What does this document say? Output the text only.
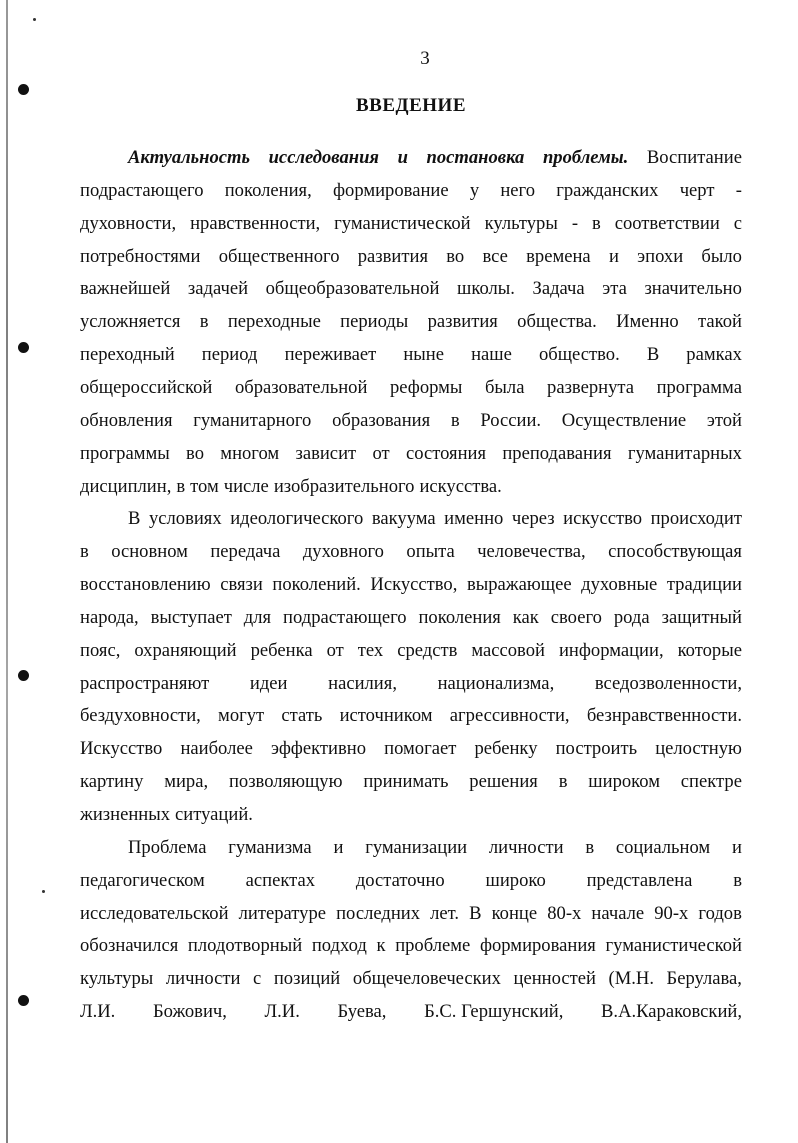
3
ВВЕДЕНИЕ
Актуальность исследования и постановка проблемы. Воспитание
подрастающего поколения, формирование у него гражданских черт -
духовности, нравственности, гуманистической культуры - в соответствии с
потребностями общественного развития во все времена и эпохи было
важнейшей задачей общеобразовательной школы. Задача эта значительно
усложняется в переходные периоды развития общества. Именно такой
переходный период переживает ныне наше общество. В рамках
общероссийской образовательной реформы была развернута программа
обновления гуманитарного образования в России. Осуществление этой
программы во многом зависит от состояния преподавания гуманитарных
дисциплин, в том числе изобразительного искусства.
В условиях идеологического вакуума именно через искусство происходит
в основном передача духовного опыта человечества, способствующая
восстановлению связи поколений. Искусство, выражающее духовные традиции
народа, выступает для подрастающего поколения как своего рода защитный
пояс, охраняющий ребенка от тех средств массовой информации, которые
распространяют идеи насилия, национализма, вседозволенности,
бездуховности, могут стать источником агрессивности, безнравственности.
Искусство наиболее эффективно помогает ребенку построить целостную
картину мира, позволяющую принимать решения в широком спектре
жизненных ситуаций.
Проблема гуманизма и гуманизации личности в социальном и
педагогическом аспектах достаточно широко представлена в
исследовательской литературе последних лет. В конце 80-х начале 90-х годов
обозначился плодотворный подход к проблеме формирования гуманистической
культуры личности с позиций общечеловеческих ценностей (М.Н. Берулава,
Л.И. Божович, Л.И. Буева, Б.С. Гершунский, В.А.Караковский,
